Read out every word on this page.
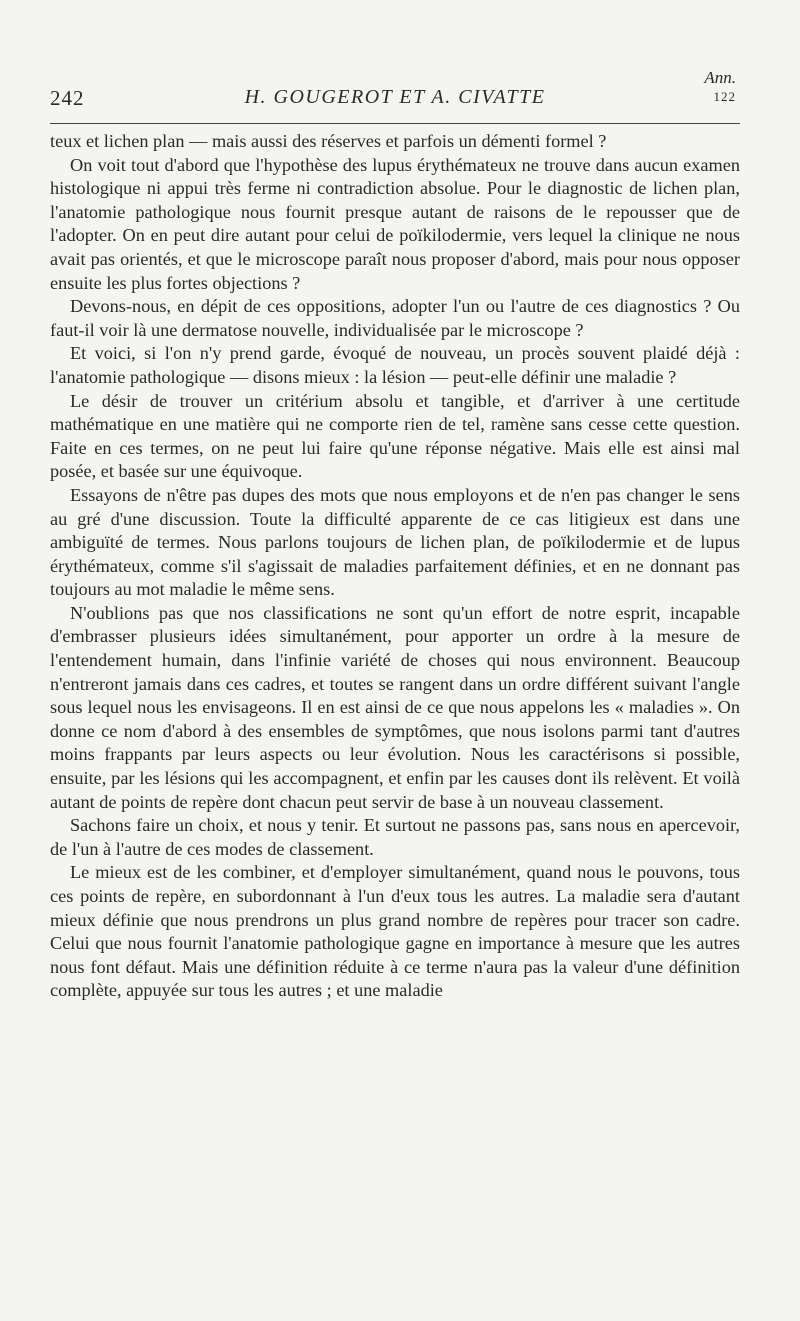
242	H. GOUGEROT ET A. CIVATTE
Ann.
122

teux et lichen plan — mais aussi des réserves et parfois un démenti formel ?

On voit tout d'abord que l'hypothèse des lupus érythémateux ne trouve dans aucun examen histologique ni appui très ferme ni contradiction absolue. Pour le diagnostic de lichen plan, l'anatomie pathologique nous fournit presque autant de raisons de le repousser que de l'adopter. On en peut dire autant pour celui de poïkilodermie, vers lequel la clinique ne nous avait pas orientés, et que le microscope paraît nous proposer d'abord, mais pour nous opposer ensuite les plus fortes objections ?

Devons-nous, en dépit de ces oppositions, adopter l'un ou l'autre de ces diagnostics ? Ou faut-il voir là une dermatose nouvelle, individualisée par le microscope ?

Et voici, si l'on n'y prend garde, évoqué de nouveau, un procès souvent plaidé déjà : l'anatomie pathologique — disons mieux : la lésion — peut-elle définir une maladie ?

Le désir de trouver un critérium absolu et tangible, et d'arriver à une certitude mathématique en une matière qui ne comporte rien de tel, ramène sans cesse cette question. Faite en ces termes, on ne peut lui faire qu'une réponse négative. Mais elle est ainsi mal posée, et basée sur une équivoque.

Essayons de n'être pas dupes des mots que nous employons et de n'en pas changer le sens au gré d'une discussion. Toute la difficulté apparente de ce cas litigieux est dans une ambiguïté de termes. Nous parlons toujours de lichen plan, de poïkilodermie et de lupus érythémateux, comme s'il s'agissait de maladies parfaitement définies, et en ne donnant pas toujours au mot maladie le même sens.

N'oublions pas que nos classifications ne sont qu'un effort de notre esprit, incapable d'embrasser plusieurs idées simultanément, pour apporter un ordre à la mesure de l'entendement humain, dans l'infinie variété de choses qui nous environnent. Beaucoup n'entreront jamais dans ces cadres, et toutes se rangent dans un ordre différent suivant l'angle sous lequel nous les envisageons. Il en est ainsi de ce que nous appelons les « maladies ». On donne ce nom d'abord à des ensembles de symptômes, que nous isolons parmi tant d'autres moins frappants par leurs aspects ou leur évolution. Nous les caractérisons si possible, ensuite, par les lésions qui les accompagnent, et enfin par les causes dont ils relèvent. Et voilà autant de points de repère dont chacun peut servir de base à un nouveau classement.

Sachons faire un choix, et nous y tenir. Et surtout ne passons pas, sans nous en apercevoir, de l'un à l'autre de ces modes de classement.

Le mieux est de les combiner, et d'employer simultanément, quand nous le pouvons, tous ces points de repère, en subordonnant à l'un d'eux tous les autres. La maladie sera d'autant mieux définie que nous prendrons un plus grand nombre de repères pour tracer son cadre. Celui que nous fournit l'anatomie pathologique gagne en importance à mesure que les autres nous font défaut. Mais une définition réduite à ce terme n'aura pas la valeur d'une définition complète, appuyée sur tous les autres ; et une maladie
